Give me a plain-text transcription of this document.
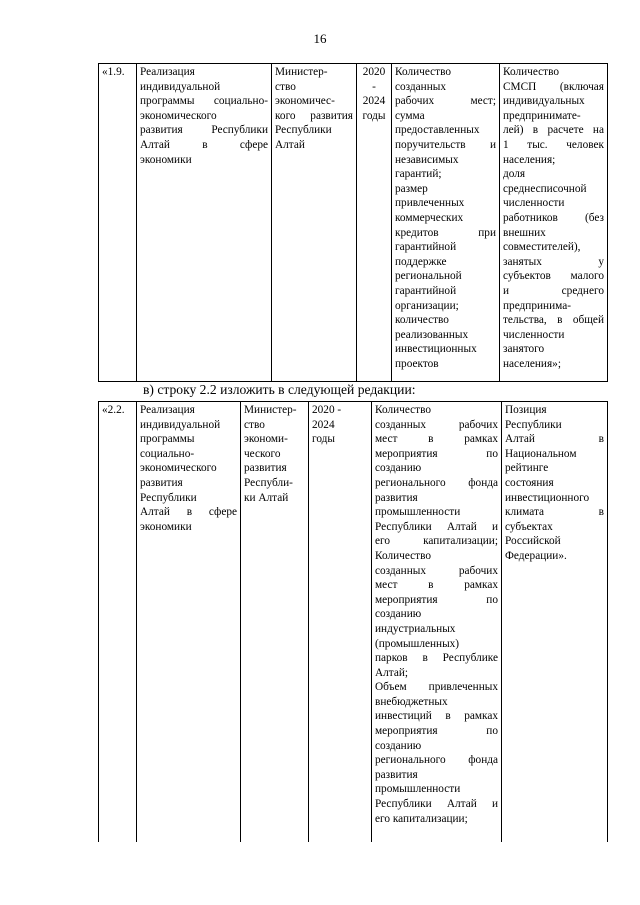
16
«1.9.	Реализация
индивидуальной
программы социально-
экономического
развития Республики
Алтай в сфере
экономики

Министер-
ство
экономичес-
кого развития
Республики
Алтай

2020
-
2024
годы

Количество
созданных
рабочих мест;
сумма
предоставленных
поручительств и
независимых
гарантий;
размер
привлеченных
коммерческих
кредитов при
гарантийной
поддержке
региональной
гарантийной
организации;
количество
реализованных
инвестиционных
проектов

Количество
СМСП (включая
индивидуальных
предпринимате-
лей) в расчете на
1 тыс. человек
населения;
доля
среднесписочной
численности
работников (без
внешних
совместителей),
занятых у
субъектов малого
и среднего
предпринима-
тельства, в общей
численности
занятого
населения»;
в) строку 2.2 изложить в следующей редакции:
«2.2.	Реализация
индивидуальной
программы
социально-
экономического
развития
Республики
Алтай в сфере
экономики

Министер-
ство
экономи-
ческого
развития
Республи-
ки Алтай

2020 -
2024
годы

Количество
созданных рабочих
мест в рамках
мероприятия по
созданию
регионального фонда
развития
промышленности
Республики Алтай и
его капитализации;
Количество
созданных рабочих
мест в рамках
мероприятия по
созданию
индустриальных
(промышленных)
парков в Республике
Алтай;
Объем привлеченных
внебюджетных
инвестиций в рамках
мероприятия по
созданию
регионального фонда
развития
промышленности
Республики Алтай и
его капитализации;

Позиция
Республики
Алтай в
Национальном
рейтинге
состояния
инвестиционного
климата в
субъектах
Российской
Федерации».
